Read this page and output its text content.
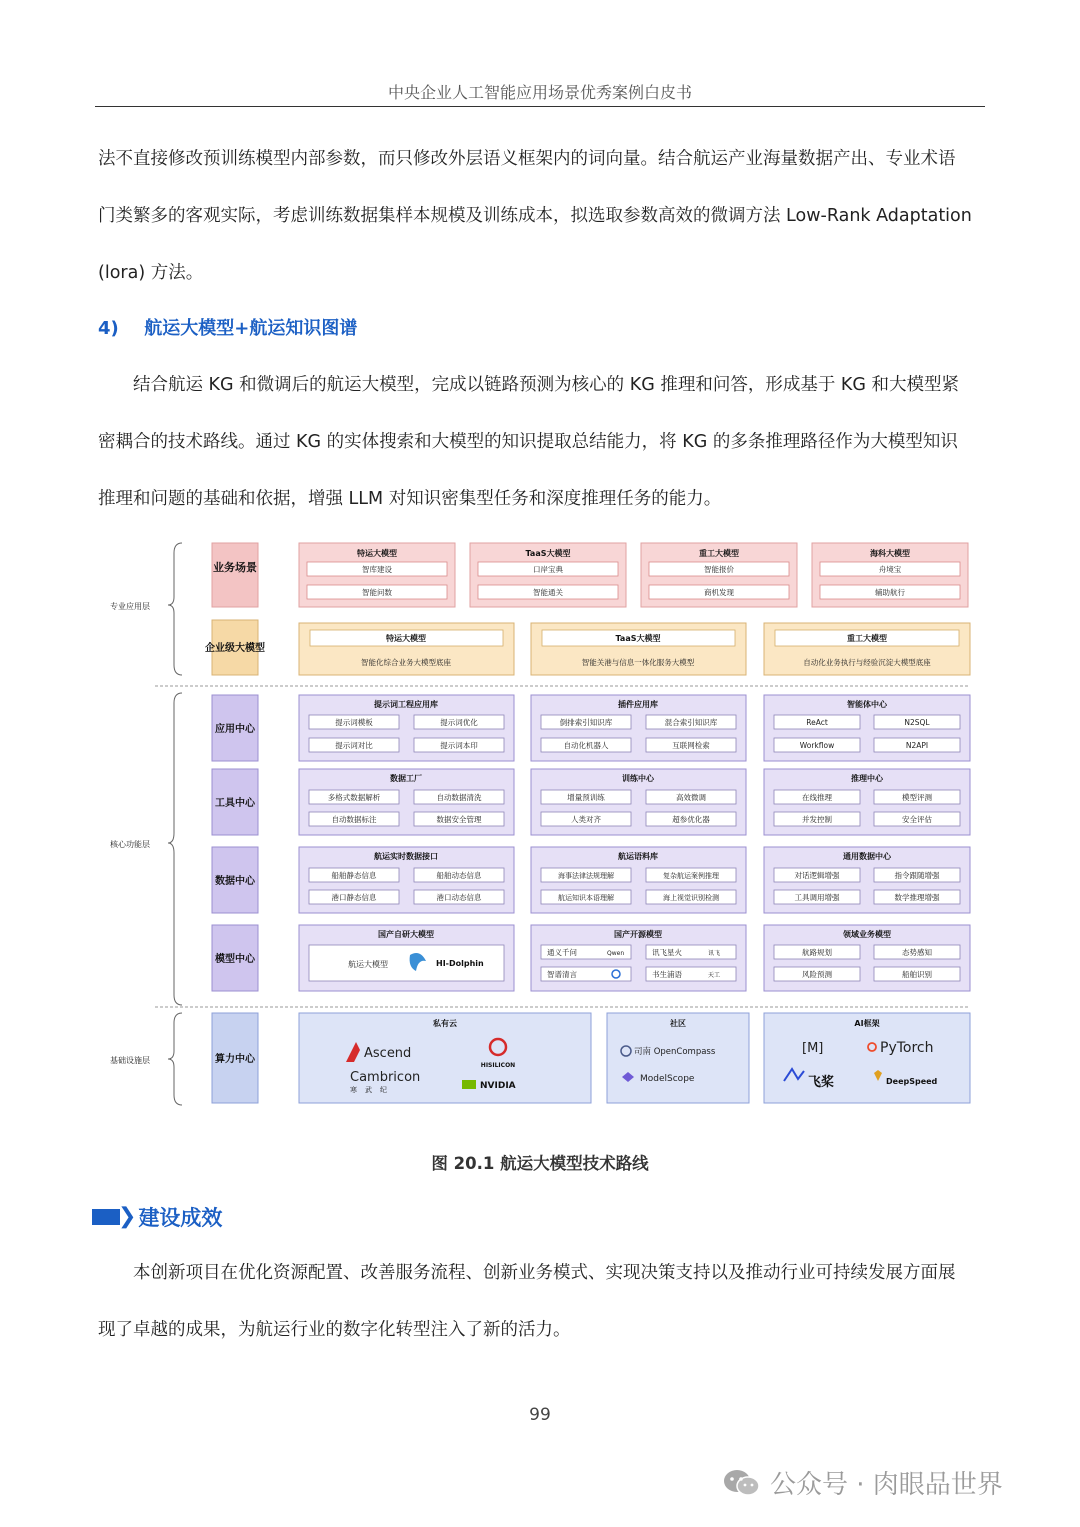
中央企业人工智能应用场景优秀案例白皮书

法不直接修改预训练模型内部参数，而只修改外层语义框架内的词向量。结合航运产业海量数据产出、专业术语
门类繁多的客观实际，考虑训练数据集样本规模及训练成本，拟选取参数高效的微调方法 Low-Rank Adaptation
(lora) 方法。

4) 航运大模型+航运知识图谱

　　结合航运 KG 和微调后的航运大模型，完成以链路预测为核心的 KG 推理和问答，形成基于 KG 和大模型紧
密耦合的技术路线。通过 KG 的实体搜索和大模型的知识提取总结能力，将 KG 的多条推理路径作为大模型知识
推理和问题的基础和依据，增强 LLM 对知识密集型任务和深度推理任务的能力。

专业应用层
核心功能层
基础设施层
业务场景
特运大模型
智库建设
智能问数
TaaS大模型
口岸宝典
智能通关
重工大模型
智能报价
商机发现
海科大模型
舟境宝
辅助航行
企业级大模型
特运大模型
智能化综合业务大模型底座
TaaS大模型
智能关港与信息一体化服务大模型
重工大模型
自动化业务执行与经验沉淀大模型底座
应用中心
提示词工程应用库
提示词模板	提示词优化
提示词对比	提示词本印
插件应用库
倒排索引知识库	混合索引知识库
自动化机器人	互联网检索
智能体中心
ReAct	N2SQL
Workflow	N2API
工具中心
数据工厂
多格式数据解析	自动数据清洗
自动数据标注	数据安全管理
训练中心
增量预训练	高效微调
人类对齐	超参优化器
推理中心
在线推理	模型评测
并发控制	安全评估
数据中心
航运实时数据接口
船舶静态信息	船舶动态信息
港口静态信息	港口动态信息
航运语料库
海事法律法规理解	复杂航运案例推理
航运知识本语理解	海上视觉识别检测
通用数据中心
对话逻辑增强	指令跟随增强
工具调用增强	数学推理增强
模型中心
国产自研大模型
航运大模型	HI-Dolphin
国产开源模型
通义千问	Qwen	讯飞星火	讯飞
智谱清言	书生浦语	天工
领域业务模型
航路规划	态势感知
风险预测	船舶识别
算力中心
私有云
Ascend
HISILICON
Cambricon
寒武纪	NVIDIA
社区
司南 OpenCompass
ModelScope
AI框架
[M]	PyTorch
飞桨	DeepSpeed
图 20.1 航运大模型技术路线
❯ 建设成效

　　本创新项目在优化资源配置、改善服务流程、创新业务模式、实现决策支持以及推动行业可持续发展方面展
现了卓越的成果，为航运行业的数字化转型注入了新的活力。

99
公众号 · 肉眼品世界
